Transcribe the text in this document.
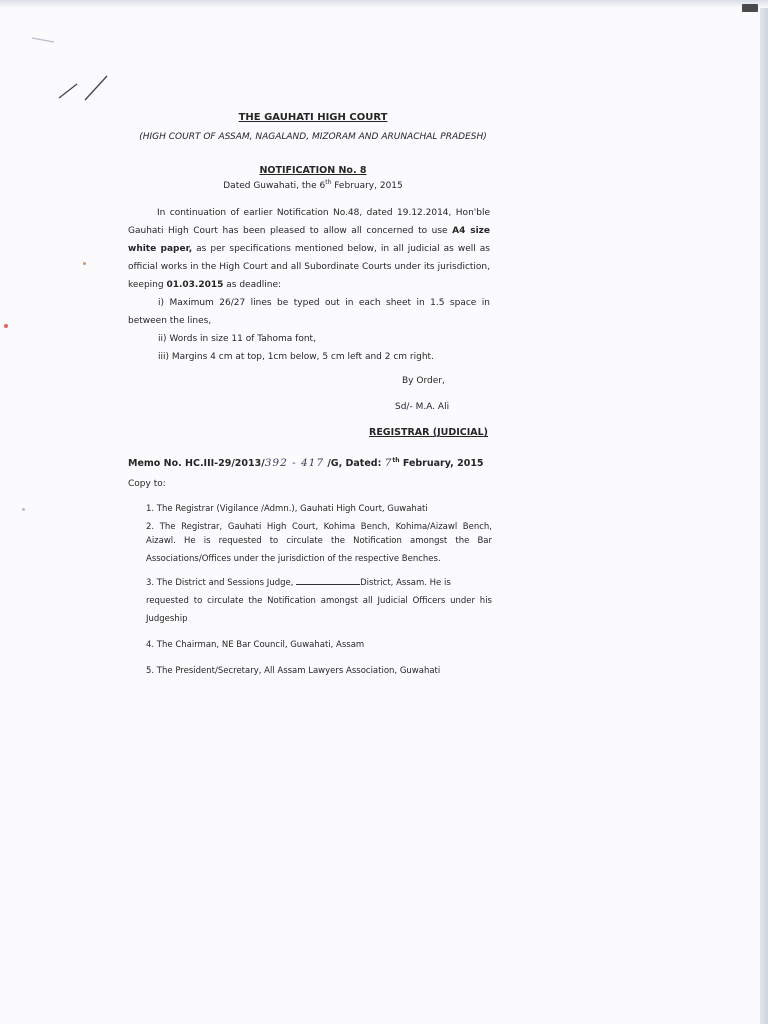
THE GAUHATI HIGH COURT
(HIGH COURT OF ASSAM, NAGALAND, MIZORAM AND ARUNACHAL PRADESH)
NOTIFICATION No. 8
Dated Guwahati, the 6th February, 2015

In continuation of earlier Notification No.48, dated 19.12.2014, Hon'ble

Gauhati High Court has been pleased to allow all concerned to use A4 size

white paper, as per specifications mentioned below, in all judicial as well as

official works in the High Court and all Subordinate Courts under its jurisdiction,

keeping 01.03.2015 as deadline:

i) Maximum 26/27 lines be typed out in each sheet in 1.5 space in

between the lines,

ii) Words in size 11 of Tahoma font,

iii) Margins 4 cm at top, 1cm below, 5 cm left and 2 cm right.

By Order,
Sd/- M.A. Ali
REGISTRAR (JUDICIAL)
Memo No. HC.III-29/2013/392 - 417 /G, Dated: 7th February, 2015
Copy to:

1. The Registrar (Vigilance /Admn.), Gauhati High Court, Guwahati

2. The Registrar, Gauhati High Court, Kohima Bench, Kohima/Aizawl Bench,

Aizawl. He is requested to circulate the Notification amongst the Bar

Associations/Offices under the jurisdiction of the respective Benches.

3. The District and Sessions Judge,	District, Assam. He is

requested to circulate the Notification amongst all Judicial Officers under his

Judgeship

4. The Chairman, NE Bar Council, Guwahati, Assam
5. The President/Secretary, All Assam Lawyers Association, Guwahati
